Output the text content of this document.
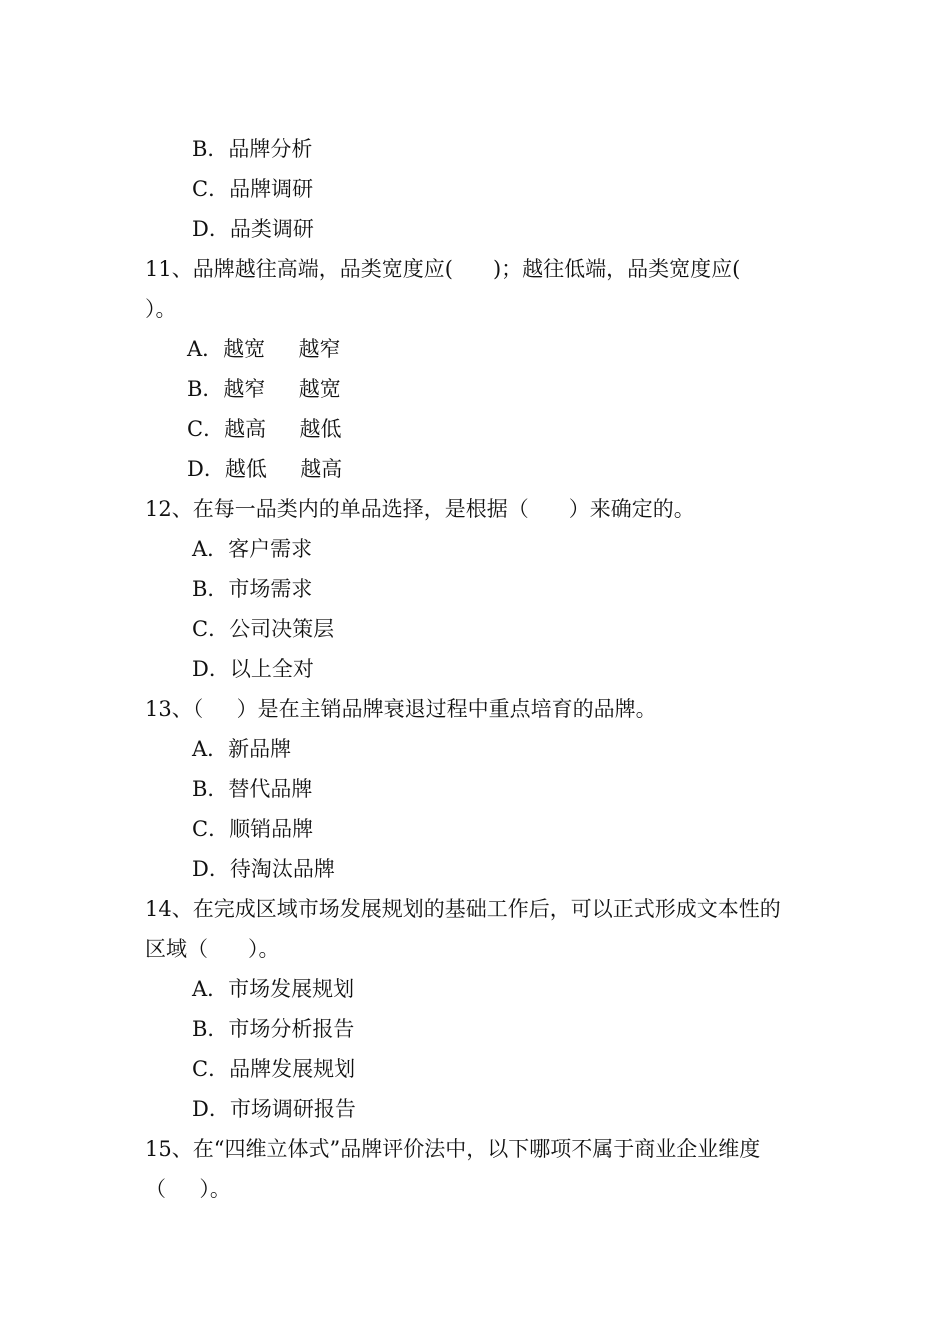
B．品牌分析
C．品牌调研
D．品类调研
11、品牌越往高端，品类宽度应(      )；越往低端，品类宽度应(
）。
A．越宽     越窄
B．越窄     越宽
C．越高     越低
D．越低     越高
12、在每一品类内的单品选择，是根据（      ）来确定的。
A．客户需求
B．市场需求
C．公司决策层
D．以上全对
13、（     ）是在主销品牌衰退过程中重点培育的品牌。
A．新品牌
B．替代品牌
C．顺销品牌
D．待淘汰品牌
14、在完成区域市场发展规划的基础工作后，可以正式形成文本性的
区域（      ）。
A．市场发展规划
B．市场分析报告
C．品牌发展规划
D．市场调研报告
15、在“四维立体式”品牌评价法中，以下哪项不属于商业企业维度
（     ）。
